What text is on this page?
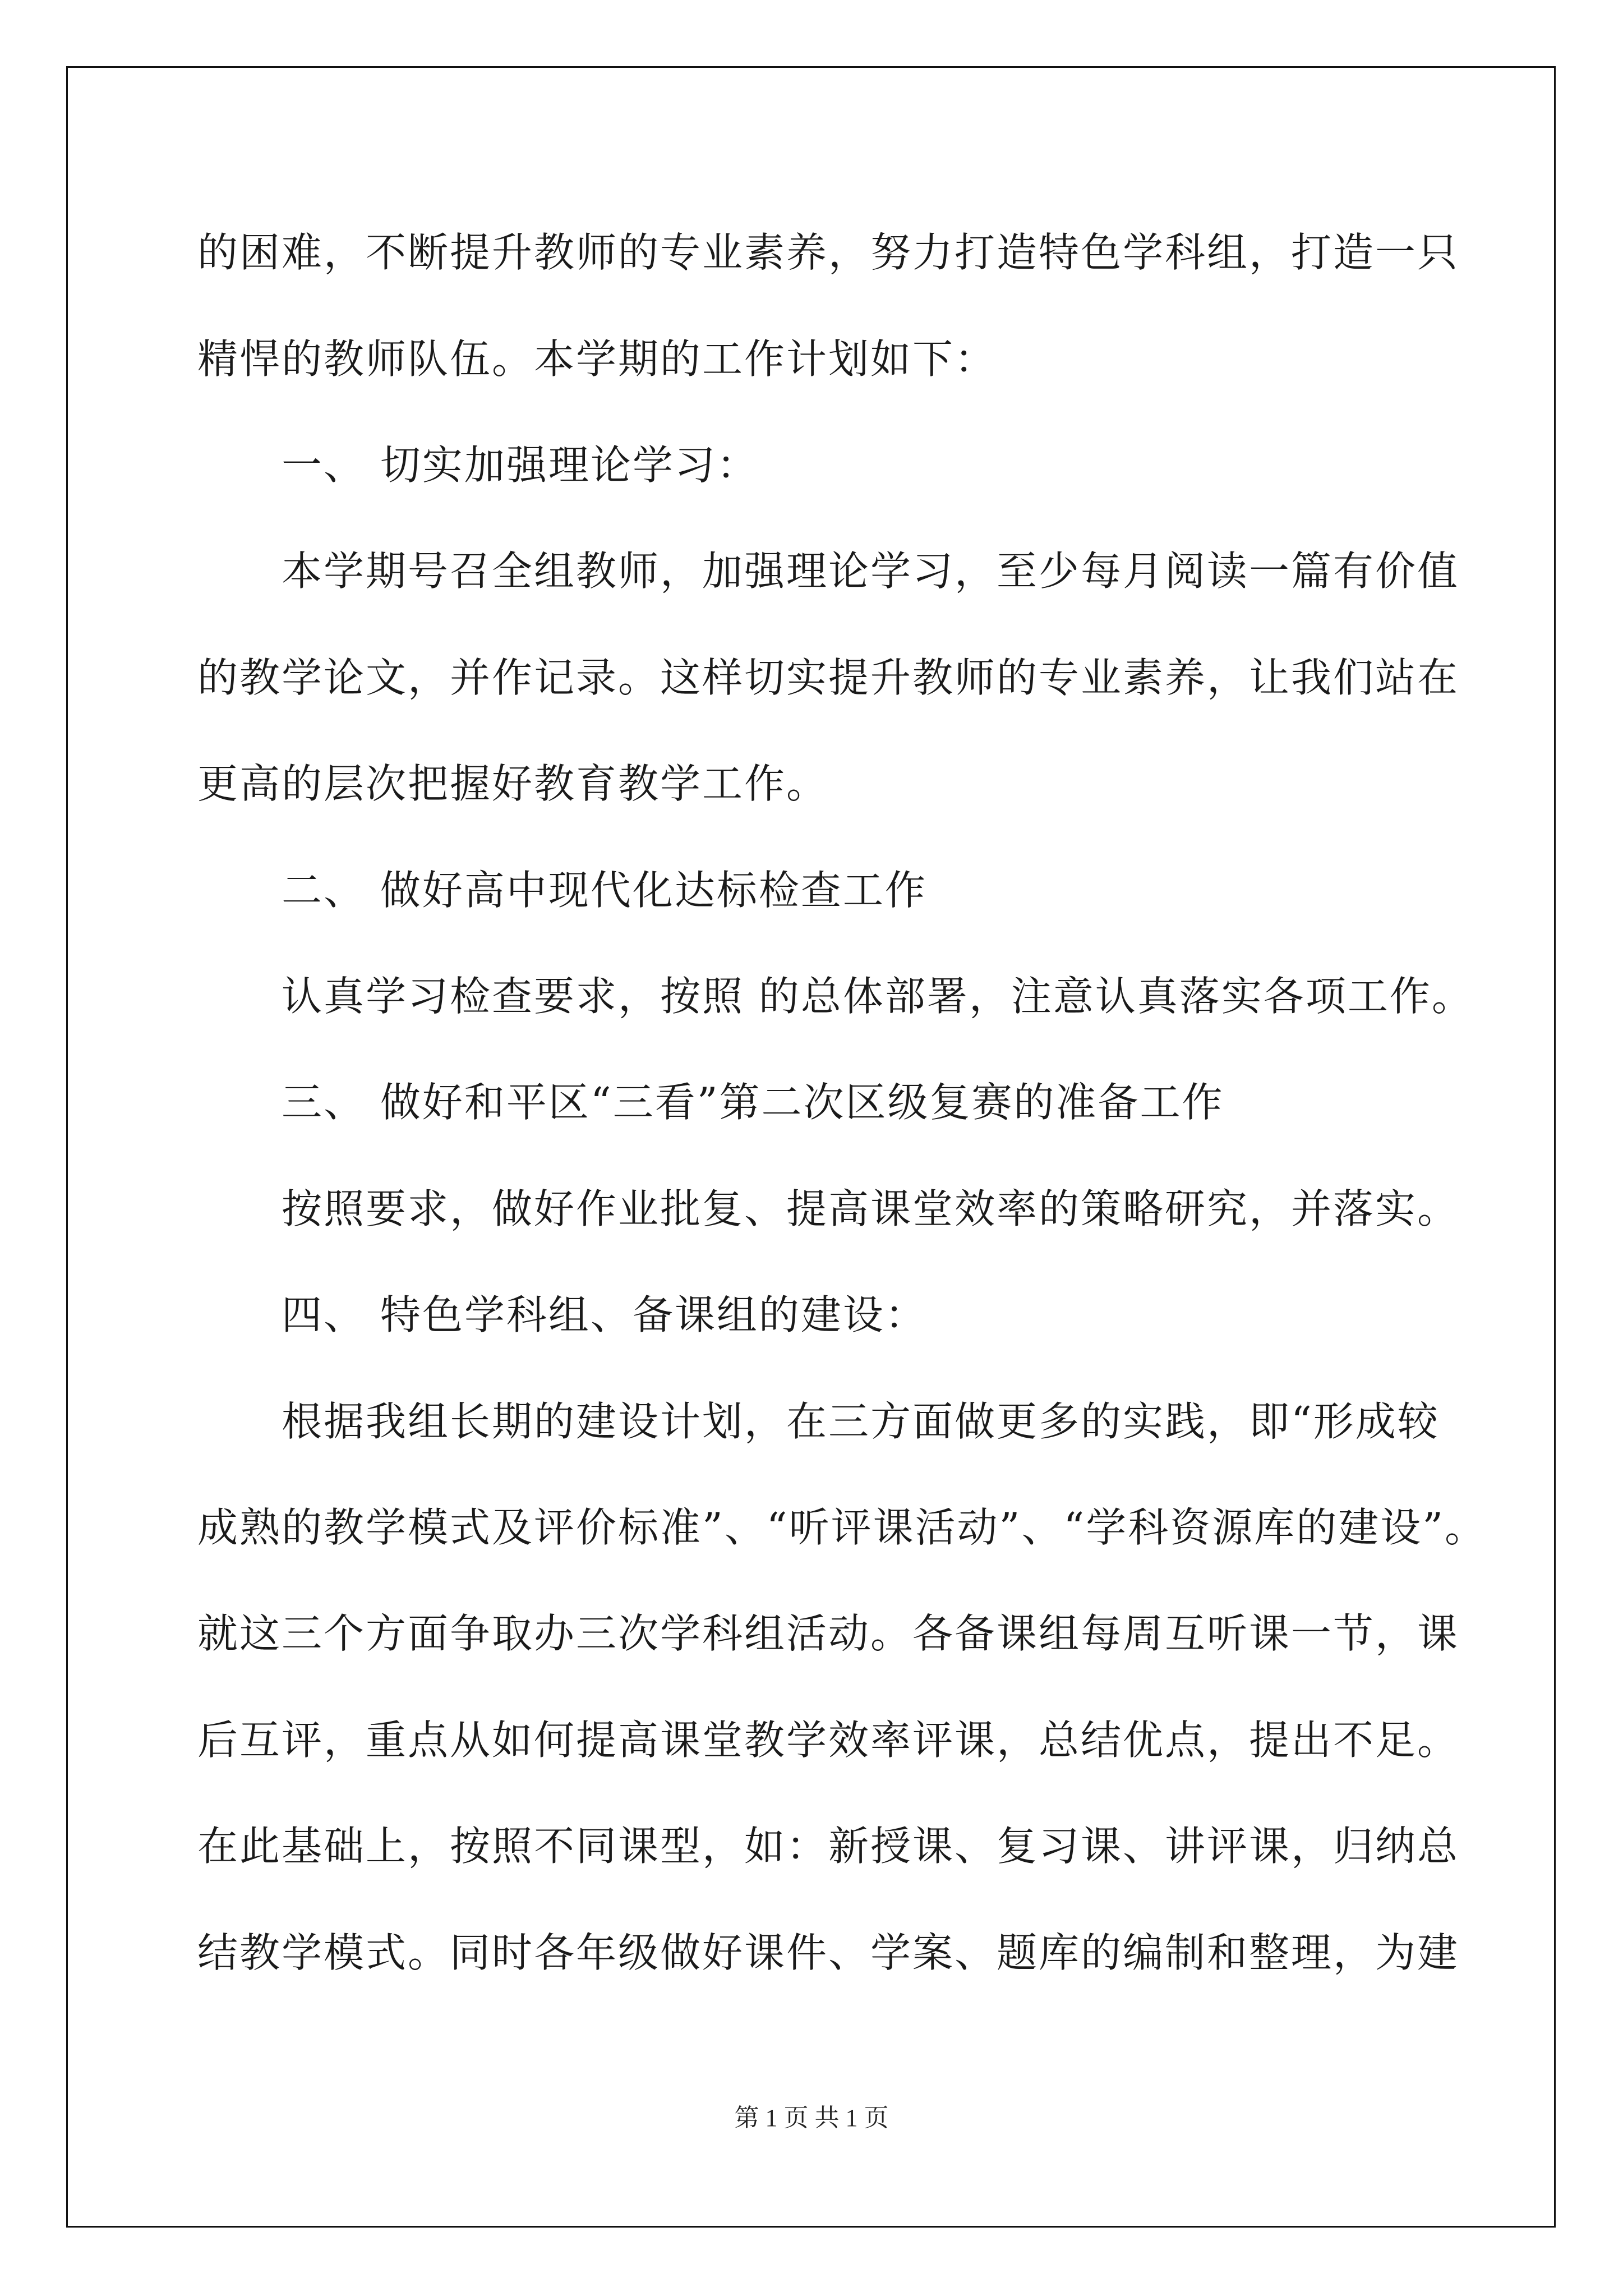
的困难，不断提升教师的专业素养，努力打造特色学科组，打造一只
精悍的教师队伍。本学期的工作计划如下：
一、 切实加强理论学习：
本学期号召全组教师，加强理论学习，至少每月阅读一篇有价值
的教学论文，并作记录。这样切实提升教师的专业素养，让我们站在
更高的层次把握好教育教学工作。
二、 做好高中现代化达标检查工作
认真学习检查要求，按照 的总体部署，注意认真落实各项工作。
三、 做好和平区“三看”第二次区级复赛的准备工作
按照要求，做好作业批复、提高课堂效率的策略研究，并落实。
四、 特色学科组、备课组的建设：
根据我组长期的建设计划，在三方面做更多的实践，即“形成较
成熟的教学模式及评价标准”、“听评课活动”、“学科资源库的建设”。
就这三个方面争取办三次学科组活动。各备课组每周互听课一节，课
后互评，重点从如何提高课堂教学效率评课，总结优点，提出不足。
在此基础上，按照不同课型，如：新授课、复习课、讲评课，归纳总
结教学模式。同时各年级做好课件、学案、题库的编制和整理，为建
第 1 页 共 1 页
